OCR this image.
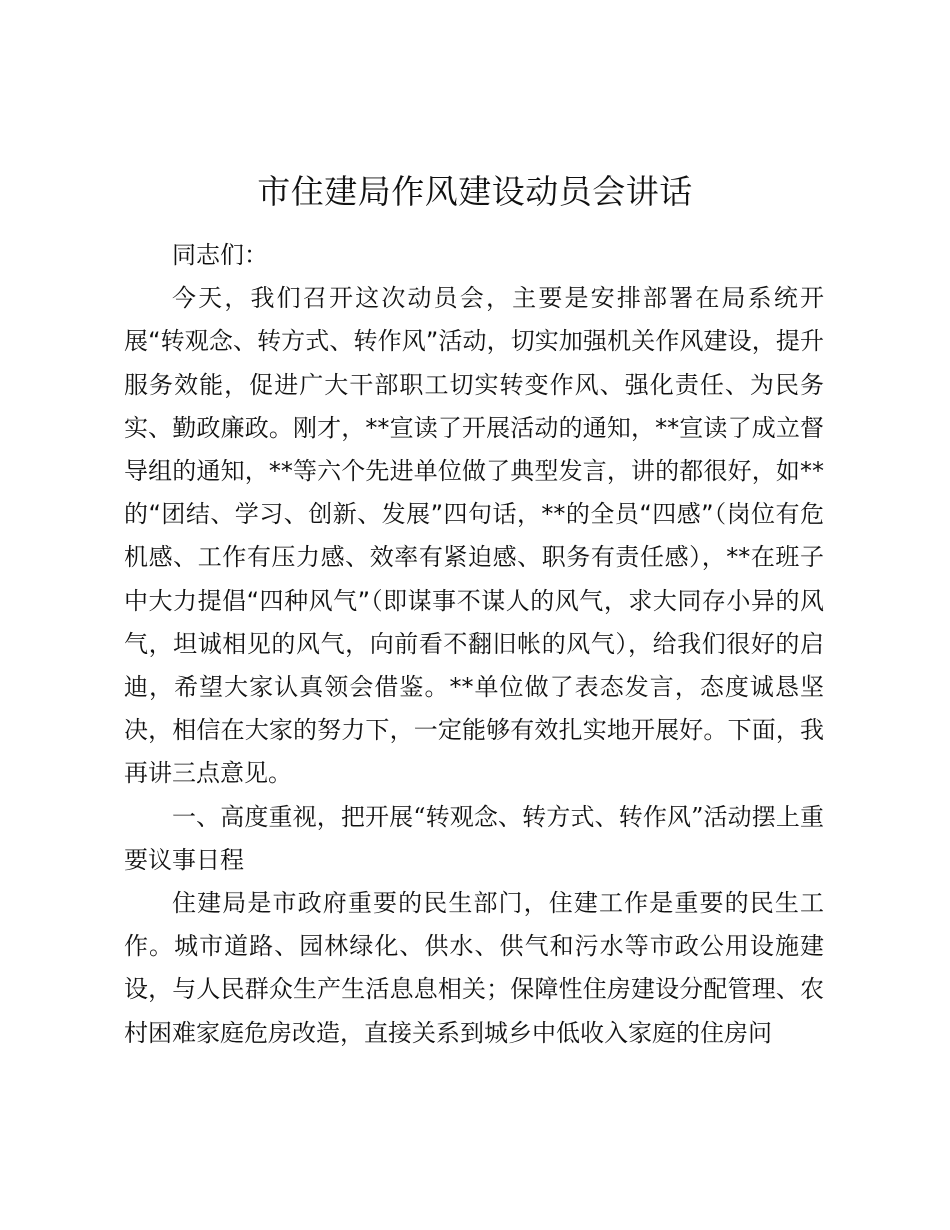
市住建局作风建设动员会讲话

同志们：

今天，我们召开这次动员会，主要是安排部署在局系统开展“转观念、转方式、转作风”活动，切实加强机关作风建设，提升服务效能，促进广大干部职工切实转变作风、强化责任、为民务实、勤政廉政。刚才，**宣读了开展活动的通知，**宣读了成立督导组的通知，**等六个先进单位做了典型发言，讲的都很好，如**的“团结、学习、创新、发展”四句话，**的全员“四感”（岗位有危机感、工作有压力感、效率有紧迫感、职务有责任感），**在班子中大力提倡“四种风气”（即谋事不谋人的风气，求大同存小异的风气，坦诚相见的风气，向前看不翻旧帐的风气），给我们很好的启迪，希望大家认真领会借鉴。**单位做了表态发言，态度诚恳坚决，相信在大家的努力下，一定能够有效扎实地开展好。下面，我再讲三点意见。

一、高度重视，把开展“转观念、转方式、转作风”活动摆上重要议事日程

住建局是市政府重要的民生部门，住建工作是重要的民生工作。城市道路、园林绿化、供水、供气和污水等市政公用设施建设，与人民群众生产生活息息相关；保障性住房建设分配管理、农村困难家庭危房改造，直接关系到城乡中低收入家庭的住房问
